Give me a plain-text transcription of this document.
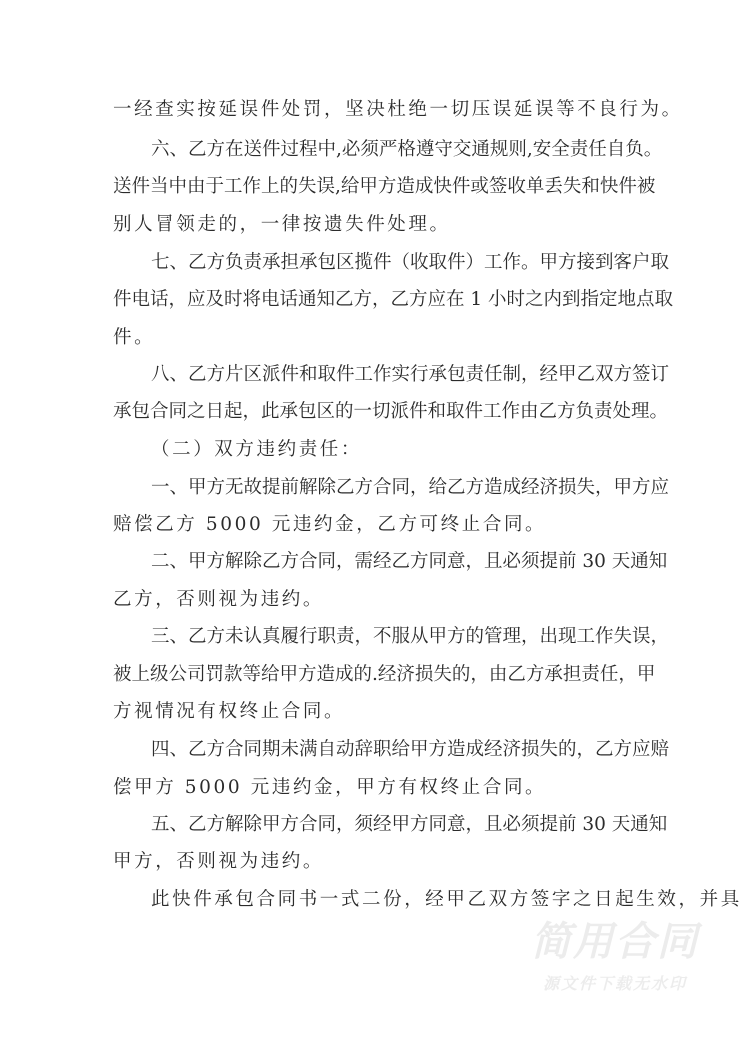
一经查实按延误件处罚，坚决杜绝一切压误延误等不良行为。
六、乙方在送件过程中,必须严格遵守交通规则,安全责任自负。
送件当中由于工作上的失误,给甲方造成快件或签收单丢失和快件被
别人冒领走的，一律按遗失件处理。
七、乙方负责承担承包区揽件（收取件）工作。甲方接到客户取
件电话，应及时将电话通知乙方，乙方应在 1 小时之内到指定地点取
件。
八、乙方片区派件和取件工作实行承包责任制，经甲乙双方签订
承包合同之日起，此承包区的一切派件和取件工作由乙方负责处理。
（二）双方违约责任：
一、甲方无故提前解除乙方合同，给乙方造成经济损失，甲方应
赔偿乙方 5000 元违约金，乙方可终止合同。
二、甲方解除乙方合同，需经乙方同意，且必须提前 30 天通知
乙方，否则视为违约。
三、乙方未认真履行职责，不服从甲方的管理，出现工作失误，
被上级公司罚款等给甲方造成的.经济损失的，由乙方承担责任，甲
方视情况有权终止合同。
四、乙方合同期未满自动辞职给甲方造成经济损失的，乙方应赔
偿甲方 5000 元违约金，甲方有权终止合同。
五、乙方解除甲方合同，须经甲方同意，且必须提前 30 天通知
甲方，否则视为违约。
此快件承包合同书一式二份，经甲乙双方签字之日起生效，并具
简用合同
源文件下载无水印
